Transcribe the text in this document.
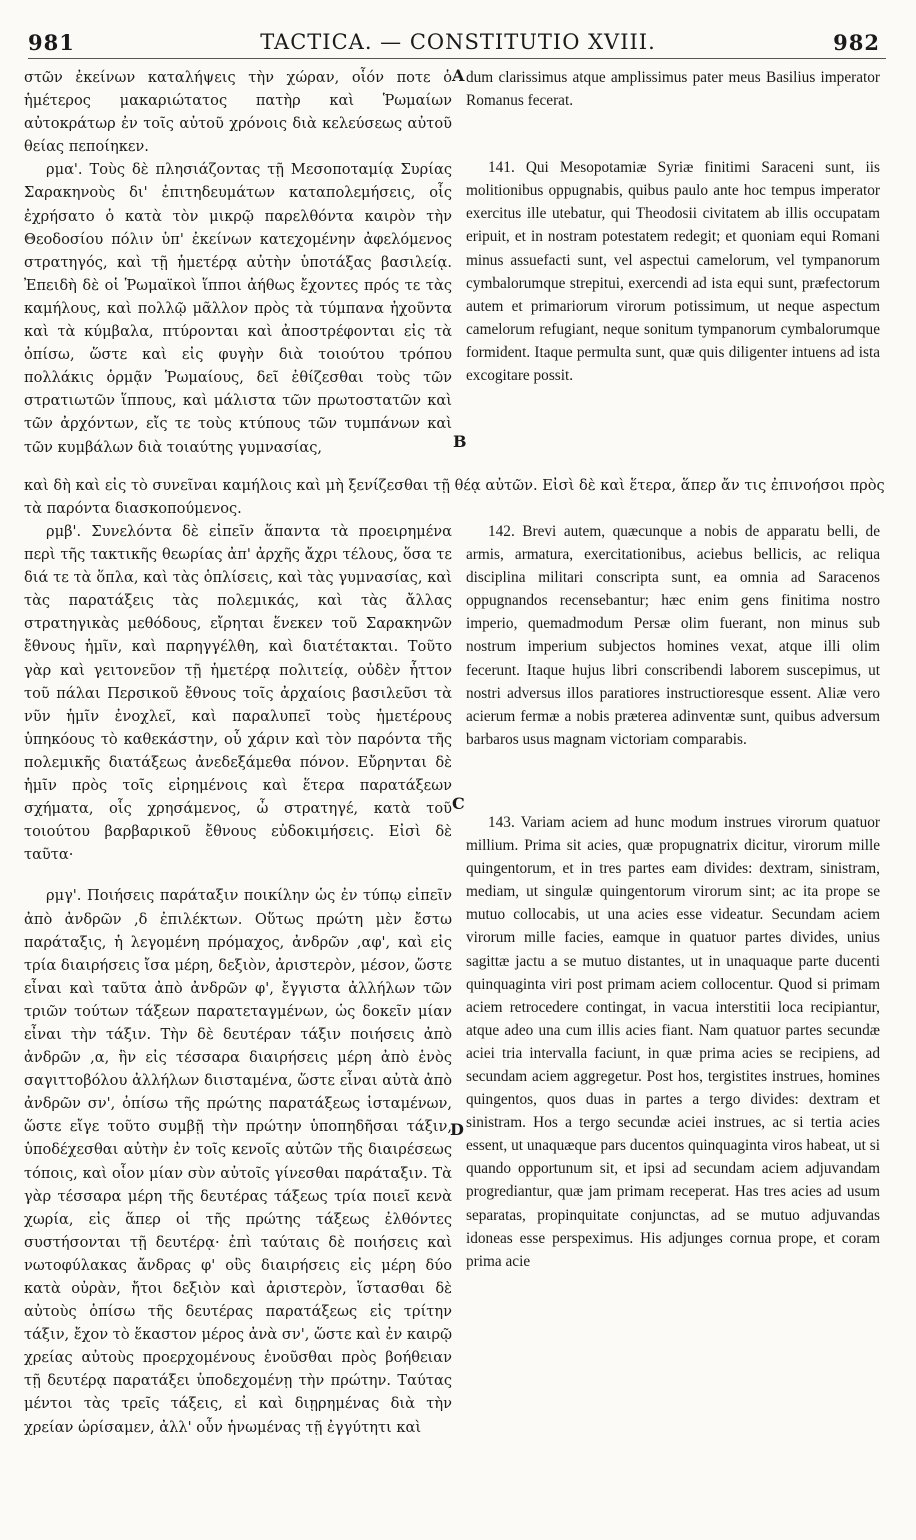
981	TACTICA. — CONSTITUTIO XVIII.	982
A
B
C
D

στῶν ἐκείνων καταλήψεις τὴν χώραν, οἷόν ποτε ὁ ἡμέτερος μακαριώτατος πατὴρ καὶ Ῥωμαίων αὐτοκράτωρ ἐν τοῖς αὐτοῦ χρόνοις διὰ κελεύσεως αὐτοῦ θείας πεποίηκεν.

ρμα'. Τοὺς δὲ πλησιάζοντας τῇ Μεσοποταμίᾳ Συρίας Σαρακηνοὺς δι' ἐπιτηδευμάτων καταπολεμήσεις, οἷς ἐχρήσατο ὁ κατὰ τὸν μικρῷ παρελθόντα καιρὸν τὴν Θεοδοσίου πόλιν ὑπ' ἐκείνων κατεχομένην ἀφελόμενος στρατηγός, καὶ τῇ ἡμετέρᾳ αὐτὴν ὑποτάξας βασιλείᾳ. Ἐπειδὴ δὲ οἱ Ῥωμαϊκοὶ ἵπποι ἀήθως ἔχοντες πρός τε τὰς καμήλους, καὶ πολλῷ μᾶλλον πρὸς τὰ τύμπανα ἠχοῦντα καὶ τὰ κύμβαλα, πτύρονται καὶ ἀποστρέφονται εἰς τὰ ὀπίσω, ὥστε καὶ εἰς φυγὴν διὰ τοιούτου τρόπου πολλάκις ὁρμᾷν Ῥωμαίους, δεῖ ἐθίζεσθαι τοὺς τῶν στρατιωτῶν ἵππους, καὶ μάλιστα τῶν πρωτοστατῶν καὶ τῶν ἀρχόντων, εἴς τε τοὺς κτύπους τῶν τυμπάνων καὶ τῶν κυμβάλων διὰ τοιαύτης γυμνασίας,

καὶ δὴ καὶ εἰς τὸ συνεῖναι καμήλοις καὶ μὴ ξενίζεσθαι τῇ θέᾳ αὐτῶν. Εἰσὶ δὲ καὶ ἕτερα, ἅπερ ἄν τις ἐπινοήσοι πρὸς τὰ παρόντα διασκοπούμενος.

ρμβ'. Συνελόντα δὲ εἰπεῖν ἅπαντα τὰ προειρημένα περὶ τῆς τακτικῆς θεωρίας ἀπ' ἀρχῆς ἄχρι τέλους, ὅσα τε διά τε τὰ ὅπλα, καὶ τὰς ὁπλίσεις, καὶ τὰς γυμνασίας, καὶ τὰς παρατάξεις τὰς πολεμικάς, καὶ τὰς ἄλλας στρατηγικὰς μεθόδους, εἴρηται ἕνεκεν τοῦ Σαρακηνῶν ἔθνους ἡμῖν, καὶ παρηγγέλθη, καὶ διατέτακται. Τοῦτο γὰρ καὶ γειτονεῦον τῇ ἡμετέρᾳ πολιτείᾳ, οὐδὲν ἧττον τοῦ πάλαι Περσικοῦ ἔθνους τοῖς ἀρχαίοις βασιλεῦσι τὰ νῦν ἡμῖν ἐνοχλεῖ, καὶ παραλυπεῖ τοὺς ἡμετέρους ὑπηκόους τὸ καθεκάστην, οὗ χάριν καὶ τὸν παρόντα τῆς πολεμικῆς διατάξεως ἀνεδεξάμεθα πόνον. Εὔρηνται δὲ ἡμῖν πρὸς τοῖς εἰρημένοις καὶ ἕτερα παρατάξεων σχήματα, οἷς χρησάμενος, ὦ στρατηγέ, κατὰ τοῦ τοιούτου βαρβαρικοῦ ἔθνους εὐδοκιμήσεις. Εἰσὶ δὲ ταῦτα·

ρμγ'. Ποιήσεις παράταξιν ποικίλην ὡς ἐν τύπῳ εἰπεῖν ἀπὸ ἀνδρῶν ,δ ἐπιλέκτων. Οὕτως πρώτη μὲν ἔστω παράταξις, ἡ λεγομένη πρόμαχος, ἀνδρῶν ,αφ', καὶ εἰς τρία διαιρήσεις ἴσα μέρη, δεξιὸν, ἀριστερὸν, μέσον, ὥστε εἶναι καὶ ταῦτα ἀπὸ ἀνδρῶν φ', ἔγγιστα ἀλλήλων τῶν τριῶν τούτων τάξεων παρατεταγμένων, ὡς δοκεῖν μίαν εἶναι τὴν τάξιν. Τὴν δὲ δευτέραν τάξιν ποιήσεις ἀπὸ ἀνδρῶν ,α, ἣν εἰς τέσσαρα διαιρήσεις μέρη ἀπὸ ἑνὸς σαγιττοβόλου ἀλλήλων διισταμένα, ὥστε εἶναι αὐτὰ ἀπὸ ἀνδρῶν σν', ὀπίσω τῆς πρώτης παρατάξεως ἱσταμένων, ὥστε εἴγε τοῦτο συμβῇ τὴν πρώτην ὑποπηδῆσαι τάξιν, ὑποδέχεσθαι αὐτὴν ἐν τοῖς κενοῖς αὐτῶν τῆς διαιρέσεως τόποις, καὶ οἷον μίαν σὺν αὐτοῖς γίνεσθαι παράταξιν. Τὰ γὰρ τέσσαρα μέρη τῆς δευτέρας τάξεως τρία ποιεῖ κενὰ χωρία, εἰς ἅπερ οἱ τῆς πρώτης τάξεως ἐλθόντες συστήσονται τῇ δευτέρᾳ· ἐπὶ ταύταις δὲ ποιήσεις καὶ νωτοφύλακας ἄνδρας φ' οὓς διαιρήσεις εἰς μέρη δύο κατὰ οὐρὰν, ἤτοι δεξιὸν καὶ ἀριστερὸν, ἵστασθαι δὲ αὐτοὺς ὀπίσω τῆς δευτέρας παρατάξεως εἰς τρίτην τάξιν, ἔχον τὸ ἕκαστον μέρος ἀνὰ σν', ὥστε καὶ ἐν καιρῷ χρείας αὐτοὺς προερχομένους ἑνοῦσθαι πρὸς βοήθειαν τῇ δευτέρᾳ παρατάξει ὑποδεχομένῃ τὴν πρώτην. Ταύτας μέντοι τὰς τρεῖς τάξεις, εἰ καὶ διῃρημένας διὰ τὴν χρείαν ὡρίσαμεν, ἀλλ' οὖν ἡνωμένας τῇ ἐγγύτητι καὶ

dum clarissimus atque amplissimus pater meus Basilius imperator Romanus fecerat.

141. Qui Mesopotamiæ Syriæ finitimi Saraceni sunt, iis molitionibus oppugnabis, quibus paulo ante hoc tempus imperator exercitus ille utebatur, qui Theodosii civitatem ab illis occupatam eripuit, et in nostram potestatem redegit; et quoniam equi Romani minus assuefacti sunt, vel aspectui camelorum, vel tympanorum cymbalorumque strepitui, exercendi ad ista equi sunt, præfectorum autem et primariorum virorum potissimum, ut neque aspectum camelorum refugiant, neque sonitum tympanorum cymbalorumque formident. Itaque permulta sunt, quæ quis diligenter intuens ad ista excogitare possit.

142. Brevi autem, quæcunque a nobis de apparatu belli, de armis, armatura, exercitationibus, aciebus bellicis, ac reliqua disciplina militari conscripta sunt, ea omnia ad Saracenos oppugnandos recensebantur; hæc enim gens finitima nostro imperio, quemadmodum Persæ olim fuerant, non minus sub nostrum imperium subjectos homines vexat, atque illi olim fecerunt. Itaque hujus libri conscribendi laborem suscepimus, ut nostri adversus illos paratiores instructioresque essent. Aliæ vero acierum fermæ a nobis præterea adinventæ sunt, quibus adversum barbaros usus magnam victoriam comparabis.

143. Variam aciem ad hunc modum instrues virorum quatuor millium. Prima sit acies, quæ propugnatrix dicitur, virorum mille quingentorum, et in tres partes eam divides: dextram, sinistram, mediam, ut singulæ quingentorum virorum sint; ac ita prope se mutuo collocabis, ut una acies esse videatur. Secundam aciem virorum mille facies, eamque in quatuor partes divides, unius sagittæ jactu a se mutuo distantes, ut in unaquaque parte ducenti quinquaginta viri post primam aciem collocentur. Quod si primam aciem retrocedere contingat, in vacua interstitii loca recipiantur, atque adeo una cum illis acies fiant. Nam quatuor partes secundæ aciei tria intervalla faciunt, in quæ prima acies se recipiens, ad secundam aciem aggregetur. Post hos, tergistites instrues, homines quingentos, quos duas in partes a tergo divides: dextram et sinistram. Hos a tergo secundæ aciei instrues, ac si tertia acies essent, ut unaquæque pars ducentos quinquaginta viros habeat, ut si quando opportunum sit, et ipsi ad secundam aciem adjuvandam progrediantur, quæ jam primam receperat. Has tres acies ad usum separatas, propinquitate conjunctas, ad se mutuo adjuvandas idoneas esse perspeximus. His adjunges cornua prope, et coram prima acie
